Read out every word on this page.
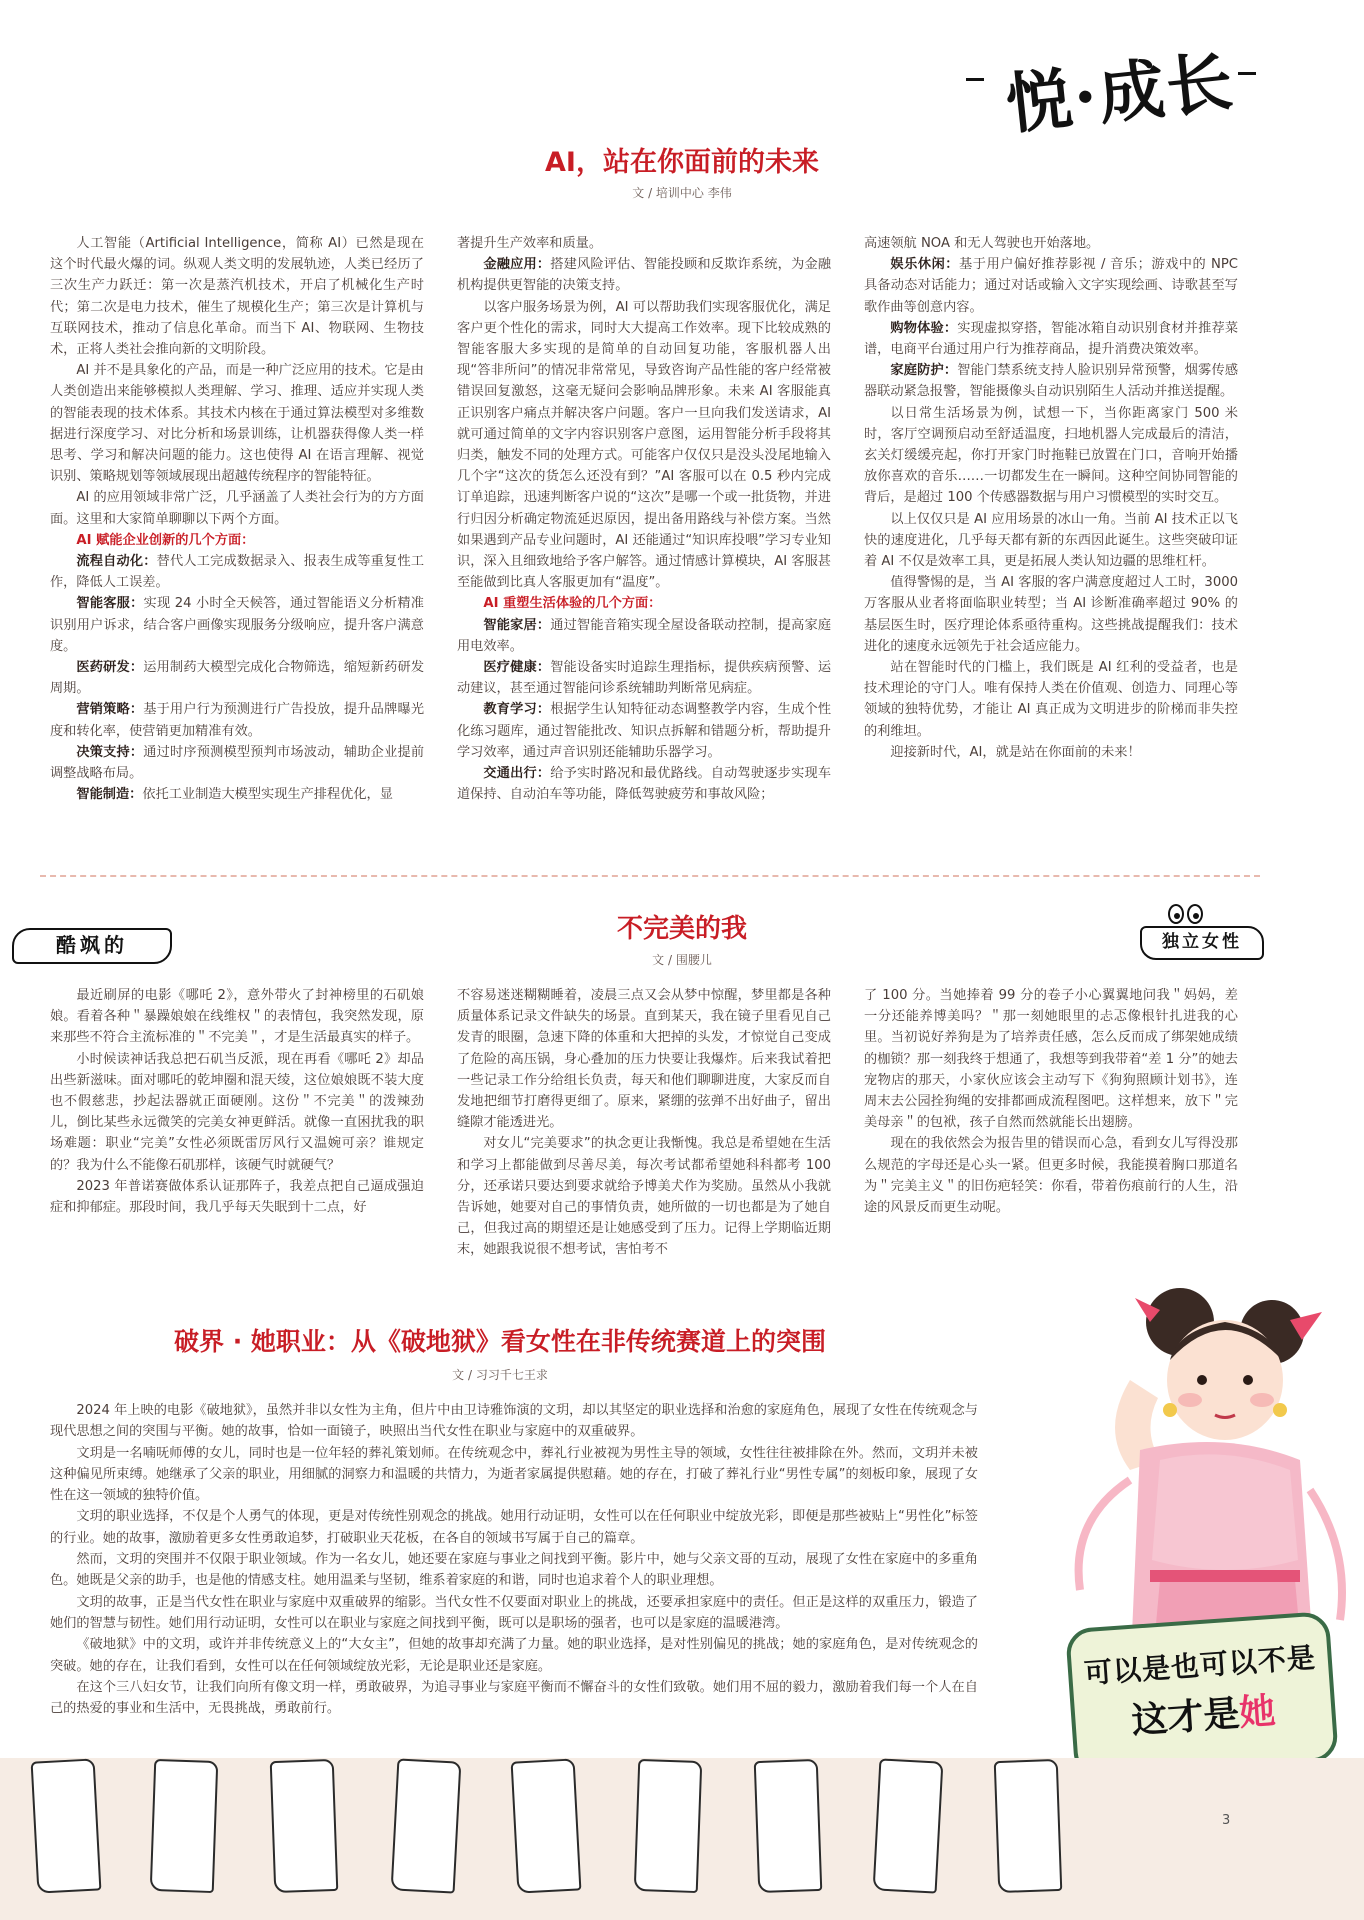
悦·成长
AI，站在你面前的未来
文 / 培训中心 李伟

人工智能（Artificial Intelligence，简称 AI）已然是现在这个时代最火爆的词。纵观人类文明的发展轨迹，人类已经历了三次生产力跃迁：第一次是蒸汽机技术，开启了机械化生产时代；第二次是电力技术，催生了规模化生产；第三次是计算机与互联网技术，推动了信息化革命。而当下 AI、物联网、生物技术，正将人类社会推向新的文明阶段。

AI 并不是具象化的产品，而是一种广泛应用的技术。它是由人类创造出来能够模拟人类理解、学习、推理、适应并实现人类的智能表现的技术体系。其技术内核在于通过算法模型对多维数据进行深度学习、对比分析和场景训练，让机器获得像人类一样思考、学习和解决问题的能力。这也使得 AI 在语言理解、视觉识别、策略规划等领域展现出超越传统程序的智能特征。

AI 的应用领域非常广泛，几乎涵盖了人类社会行为的方方面面。这里和大家简单聊聊以下两个方面。

AI 赋能企业创新的几个方面：

流程自动化：替代人工完成数据录入、报表生成等重复性工作，降低人工误差。

智能客服：实现 24 小时全天候答，通过智能语义分析精准识别用户诉求，结合客户画像实现服务分级响应，提升客户满意度。

医药研发：运用制药大模型完成化合物筛选，缩短新药研发周期。

营销策略：基于用户行为预测进行广告投放，提升品牌曝光度和转化率，使营销更加精准有效。

决策支持：通过时序预测模型预判市场波动，辅助企业提前调整战略布局。

智能制造：依托工业制造大模型实现生产排程优化，显

著提升生产效率和质量。

金融应用：搭建风险评估、智能投顾和反欺诈系统，为金融机构提供更智能的决策支持。

以客户服务场景为例，AI 可以帮助我们实现客服优化，满足客户更个性化的需求，同时大大提高工作效率。现下比较成熟的智能客服大多实现的是简单的自动回复功能，客服机器人出现“答非所问”的情况非常常见，导致咨询产品性能的客户经常被错误回复激怒，这毫无疑问会影响品牌形象。未来 AI 客服能真正识别客户痛点并解决客户问题。客户一旦向我们发送请求，AI 就可通过简单的文字内容识别客户意图，运用智能分析手段将其归类，触发不同的处理方式。可能客户仅仅只是没头没尾地输入几个字“这次的货怎么还没有到？”AI 客服可以在 0.5 秒内完成订单追踪，迅速判断客户说的“这次”是哪一个或一批货物，并进行归因分析确定物流延迟原因，提出备用路线与补偿方案。当然如果遇到产品专业问题时，AI 还能通过“知识库投喂”学习专业知识，深入且细致地给予客户解答。通过情感计算模块，AI 客服甚至能做到比真人客服更加有“温度”。

AI 重塑生活体验的几个方面：

智能家居：通过智能音箱实现全屋设备联动控制，提高家庭用电效率。

医疗健康：智能设备实时追踪生理指标，提供疾病预警、运动建议，甚至通过智能问诊系统辅助判断常见病症。

教育学习：根据学生认知特征动态调整教学内容，生成个性化练习题库，通过智能批改、知识点拆解和错题分析，帮助提升学习效率，通过声音识别还能辅助乐器学习。

交通出行：给予实时路况和最优路线。自动驾驶逐步实现车道保持、自动泊车等功能，降低驾驶疲劳和事故风险；

高速领航 NOA 和无人驾驶也开始落地。

娱乐休闲：基于用户偏好推荐影视 / 音乐；游戏中的 NPC 具备动态对话能力；通过对话或输入文字实现绘画、诗歌甚至写歌作曲等创意内容。

购物体验：实现虚拟穿搭，智能冰箱自动识别食材并推荐菜谱，电商平台通过用户行为推荐商品，提升消费决策效率。

家庭防护：智能门禁系统支持人脸识别异常预警，烟雾传感器联动紧急报警，智能摄像头自动识别陌生人活动并推送提醒。

以日常生活场景为例，试想一下，当你距离家门 500 米时，客厅空调预启动至舒适温度，扫地机器人完成最后的清洁，玄关灯缓缓亮起，你打开家门时拖鞋已放置在门口，音响开始播放你喜欢的音乐……一切都发生在一瞬间。这种空间协同智能的背后，是超过 100 个传感器数据与用户习惯模型的实时交互。

以上仅仅只是 AI 应用场景的冰山一角。当前 AI 技术正以飞快的速度进化，几乎每天都有新的东西因此诞生。这些突破印证着 AI 不仅是效率工具，更是拓展人类认知边疆的思维杠杆。

值得警惕的是，当 AI 客服的客户满意度超过人工时，3000 万客服从业者将面临职业转型；当 AI 诊断准确率超过 90% 的基层医生时，医疗理论体系亟待重构。这些挑战提醒我们：技术进化的速度永远领先于社会适应能力。

站在智能时代的门槛上，我们既是 AI 红利的受益者，也是技术理论的守门人。唯有保持人类在价值观、创造力、同理心等领域的独特优势，才能让 AI 真正成为文明进步的阶梯而非失控的利维坦。

迎接新时代，AI，就是站在你面前的未来！

酷飒的	独立女性
不完美的我
文 / 围腰儿

最近刷屏的电影《哪吒 2》，意外带火了封神榜里的石矶娘娘。看着各种＂暴躁娘娘在线维权＂的表情包，我突然发现，原来那些不符合主流标准的＂不完美＂，才是生活最真实的样子。

小时候读神话我总把石矶当反派，现在再看《哪吒 2》却品出些新滋味。面对哪吒的乾坤圈和混天绫，这位娘娘既不装大度也不假慈悲，抄起法器就正面硬刚。这份＂不完美＂的泼辣劲儿，倒比某些永远微笑的完美女神更鲜活。就像一直困扰我的职场难题：职业“完美”女性必须既雷厉风行又温婉可亲？谁规定的？我为什么不能像石矶那样，该硬气时就硬气？

2023 年普诺赛做体系认证那阵子，我差点把自己逼成强迫症和抑郁症。那段时间，我几乎每天失眠到十二点，好

不容易迷迷糊糊睡着，凌晨三点又会从梦中惊醒，梦里都是各种质量体系记录文件缺失的场景。直到某天，我在镜子里看见自己发青的眼圈，急速下降的体重和大把掉的头发，才惊觉自己变成了危险的高压锅，身心叠加的压力快要让我爆炸。后来我试着把一些记录工作分给组长负责，每天和他们聊聊进度，大家反而自发地把细节打磨得更细了。原来，紧绷的弦弹不出好曲子，留出缝隙才能透进光。

对女儿“完美要求”的执念更让我惭愧。我总是希望她在生活和学习上都能做到尽善尽美，每次考试都希望她科科都考 100 分，还承诺只要达到要求就给予博美犬作为奖励。虽然从小我就告诉她，她要对自己的事情负责，她所做的一切也都是为了她自己，但我过高的期望还是让她感受到了压力。记得上学期临近期末，她跟我说很不想考试，害怕考不

了 100 分。当她捧着 99 分的卷子小心翼翼地问我＂妈妈，差一分还能养博美吗？＂那一刻她眼里的忐忑像根针扎进我的心里。当初说好养狗是为了培养责任感，怎么反而成了绑架她成绩的枷锁？那一刻我终于想通了，我想等到我带着“差 1 分”的她去宠物店的那天，小家伙应该会主动写下《狗狗照顾计划书》，连周末去公园拴狗绳的安排都画成流程图吧。这样想来，放下＂完美母亲＂的包袱，孩子自然而然就能长出翅膀。

现在的我依然会为报告里的错误而心急，看到女儿写得没那么规范的字母还是心头一紧。但更多时候，我能摸着胸口那道名为＂完美主义＂的旧伤疤轻笑：你看，带着伤痕前行的人生，沿途的风景反而更生动呢。

破界 · 她职业：从《破地狱》看女性在非传统赛道上的突围
文 / 习习千七王求

2024 年上映的电影《破地狱》，虽然并非以女性为主角，但片中由卫诗雅饰演的文玥，却以其坚定的职业选择和治愈的家庭角色，展现了女性在传统观念与现代思想之间的突围与平衡。她的故事，恰如一面镜子，映照出当代女性在职业与家庭中的双重破界。

文玥是一名喃呒师傅的女儿，同时也是一位年轻的葬礼策划师。在传统观念中，葬礼行业被视为男性主导的领域，女性往往被排除在外。然而，文玥并未被这种偏见所束缚。她继承了父亲的职业，用细腻的洞察力和温暖的共情力，为逝者家属提供慰藉。她的存在，打破了葬礼行业“男性专属”的刻板印象，展现了女性在这一领域的独特价值。

文玥的职业选择，不仅是个人勇气的体现，更是对传统性别观念的挑战。她用行动证明，女性可以在任何职业中绽放光彩，即便是那些被贴上“男性化”标签的行业。她的故事，激励着更多女性勇敢追梦，打破职业天花板，在各自的领域书写属于自己的篇章。

然而，文玥的突围并不仅限于职业领域。作为一名女儿，她还要在家庭与事业之间找到平衡。影片中，她与父亲文哥的互动，展现了女性在家庭中的多重角色。她既是父亲的助手，也是他的情感支柱。她用温柔与坚韧，维系着家庭的和谐，同时也追求着个人的职业理想。

文玥的故事，正是当代女性在职业与家庭中双重破界的缩影。当代女性不仅要面对职业上的挑战，还要承担家庭中的责任。但正是这样的双重压力，锻造了她们的智慧与韧性。她们用行动证明，女性可以在职业与家庭之间找到平衡，既可以是职场的强者，也可以是家庭的温暖港湾。

《破地狱》中的文玥，或许并非传统意义上的“大女主”，但她的故事却充满了力量。她的职业选择，是对性别偏见的挑战；她的家庭角色，是对传统观念的突破。她的存在，让我们看到，女性可以在任何领域绽放光彩，无论是职业还是家庭。

在这个三八妇女节，让我们向所有像文玥一样，勇敢破界，为追寻事业与家庭平衡而不懈奋斗的女性们致敬。她们用不屈的毅力，激励着我们每一个人在自己的热爱的事业和生活中，无畏挑战，勇敢前行。

可以是也可以不是
这才是她
3
